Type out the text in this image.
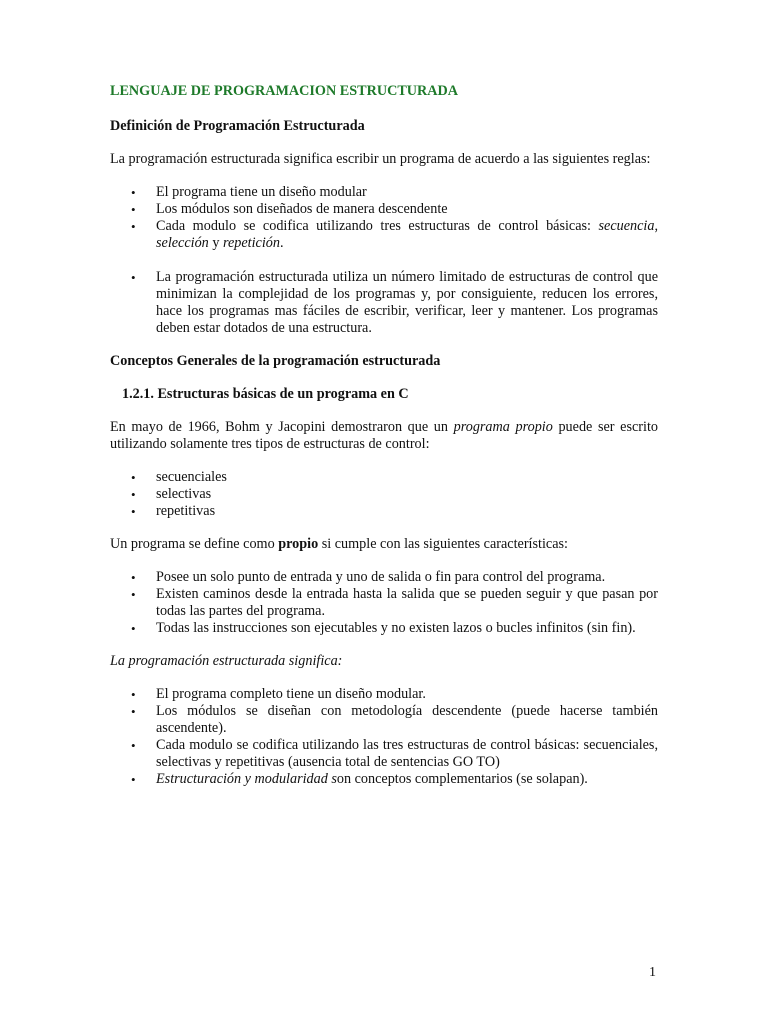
LENGUAJE DE PROGRAMACION ESTRUCTURADA
Definición de Programación Estructurada

La programación estructurada significa escribir un programa de acuerdo a las siguientes reglas:

• El programa tiene un diseño modular
• Los módulos son diseñados de manera descendente
• Cada modulo se codifica utilizando tres estructuras de control básicas: secuencia, selección y repetición.
• La programación estructurada utiliza un número limitado de estructuras de control que minimizan la complejidad de los programas y, por consiguiente, reducen los errores, hace los programas mas fáciles de escribir, verificar, leer y mantener. Los programas deben estar dotados de una estructura.
Conceptos Generales de la programación estructurada
1.2.1. Estructuras básicas de un programa en C

En mayo de 1966, Bohm y Jacopini demostraron que un programa propio puede ser escrito utilizando solamente tres tipos de estructuras de control:

• secuenciales
• selectivas
• repetitivas

Un programa se define como propio si cumple con las siguientes características:

• Posee un solo punto de entrada y uno de salida o fin para control del programa.
• Existen caminos desde la entrada hasta la salida que se pueden seguir y que pasan por todas las partes del programa.
• Todas las instrucciones son ejecutables y no existen lazos o bucles infinitos (sin fin).

La programación estructurada significa:

• El programa completo tiene un diseño modular.
• Los módulos se diseñan con metodología descendente (puede hacerse también ascendente).
• Cada modulo se codifica utilizando las tres estructuras de control básicas: secuenciales, selectivas y repetitivas (ausencia total de sentencias GO TO)
• Estructuración y modularidad son conceptos complementarios (se solapan).
1
